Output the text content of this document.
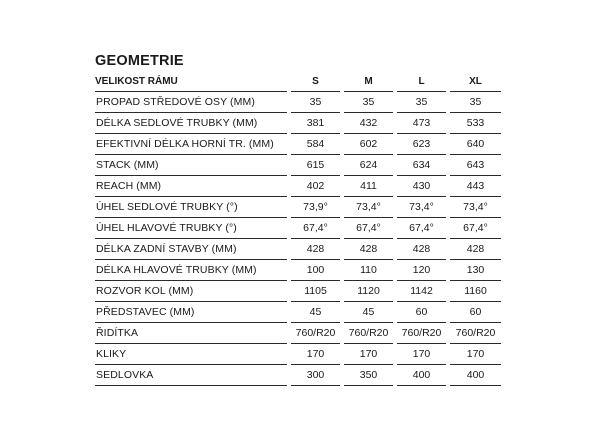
GEOMETRIE
VELIKOST RÁMU	S	M	L	XL
PROPAD STŘEDOVÉ OSY (MM)	35	35	35	35
DÉLKA SEDLOVÉ TRUBKY (MM)	381	432	473	533
EFEKTIVNÍ DÉLKA HORNÍ TR. (MM)	584	602	623	640
STACK (MM)	615	624	634	643
REACH (MM)	402	411	430	443
ÚHEL SEDLOVÉ TRUBKY (°)	73,9°	73,4°	73,4°	73,4°
ÚHEL HLAVOVÉ TRUBKY (°)	67,4°	67,4°	67,4°	67,4°
DÉLKA ZADNÍ STAVBY (MM)	428	428	428	428
DÉLKA HLAVOVÉ TRUBKY (MM)	100	110	120	130
ROZVOR KOL (MM)	1105	1120	1142	1160
PŘEDSTAVEC (MM)	45	45	60	60
ŘIDÍTKA	760/R20	760/R20	760/R20	760/R20
KLIKY	170	170	170	170
SEDLOVKA	300	350	400	400
